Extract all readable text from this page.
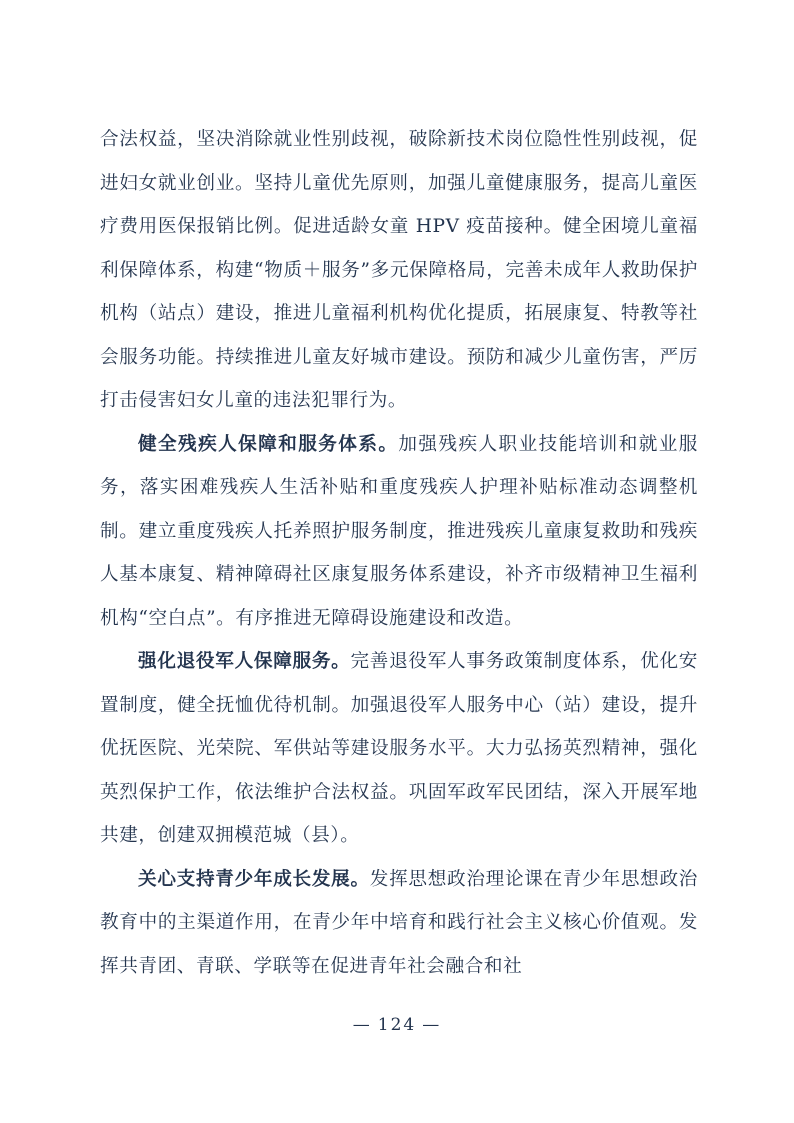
合法权益，坚决消除就业性别歧视，破除新技术岗位隐性性别歧视，促进妇女就业创业。坚持儿童优先原则，加强儿童健康服务，提高儿童医疗费用医保报销比例。促进适龄女童 HPV 疫苗接种。健全困境儿童福利保障体系，构建“物质＋服务”多元保障格局，完善未成年人救助保护机构（站点）建设，推进儿童福利机构优化提质，拓展康复、特教等社会服务功能。持续推进儿童友好城市建设。预防和减少儿童伤害，严厉打击侵害妇女儿童的违法犯罪行为。

健全残疾人保障和服务体系。加强残疾人职业技能培训和就业服务，落实困难残疾人生活补贴和重度残疾人护理补贴标准动态调整机制。建立重度残疾人托养照护服务制度，推进残疾儿童康复救助和残疾人基本康复、精神障碍社区康复服务体系建设，补齐市级精神卫生福利机构“空白点”。有序推进无障碍设施建设和改造。

强化退役军人保障服务。完善退役军人事务政策制度体系，优化安置制度，健全抚恤优待机制。加强退役军人服务中心（站）建设，提升优抚医院、光荣院、军供站等建设服务水平。大力弘扬英烈精神，强化英烈保护工作，依法维护合法权益。巩固军政军民团结，深入开展军地共建，创建双拥模范城（县）。

关心支持青少年成长发展。发挥思想政治理论课在青少年思想政治教育中的主渠道作用，在青少年中培育和践行社会主义核心价值观。发挥共青团、青联、学联等在促进青年社会融合和社

— 124 —
